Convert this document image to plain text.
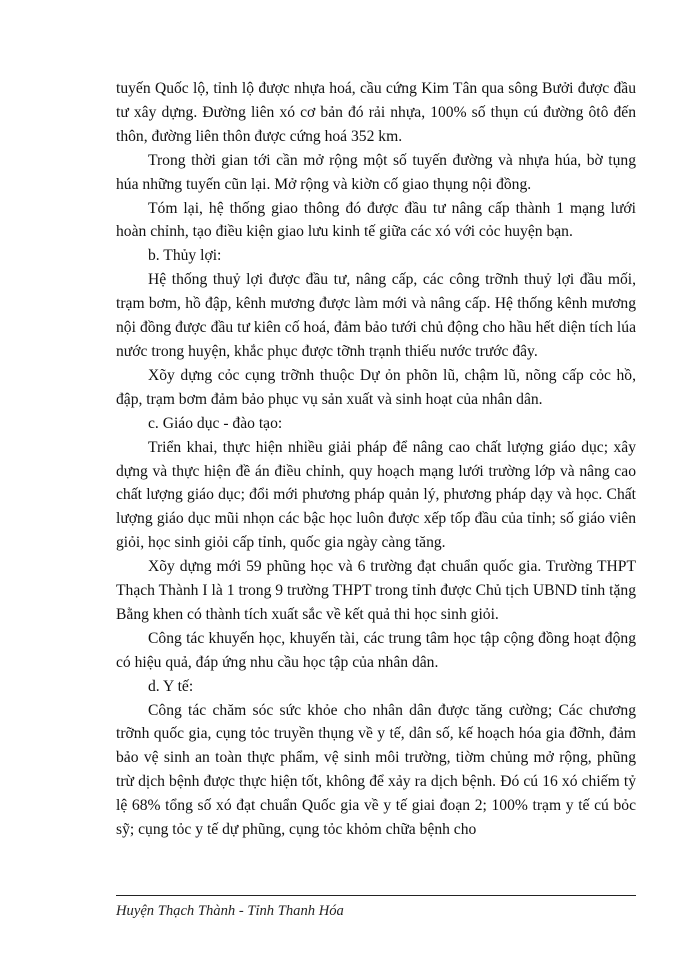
tuyến Quốc lộ, tỉnh lộ được nhựa hoá, cầu cứng Kim Tân qua sông Bưởi được đầu tư xây dựng. Đường liên xó cơ bản đó rải nhựa, 100% số thụn cú đường ôtô đến thôn, đường liên thôn được cứng hoá 352 km.

Trong thời gian tới cần mở rộng một số tuyến đường và nhựa húa, bờ tụng húa những tuyến cũn lại. Mở rộng và kiờn cố giao thụng nội đồng.

Tóm lại, hệ thống giao thông đó được đầu tư nâng cấp thành 1 mạng lưới hoàn chỉnh, tạo điều kiện giao lưu kinh tế giữa các xó với cỏc huyện bạn.

b. Thủy lợi:

Hệ thống thuỷ lợi được đầu tư, nâng cấp, các công trỡnh thuỷ lợi đầu mối, trạm bơm, hồ đập, kênh mương được làm mới và nâng cấp. Hệ thống kênh mương nội đồng được đầu tư kiên cố hoá, đảm bảo tưới chủ động cho hầu hết diện tích lúa nước trong huyện, khắc phục được tỡnh trạnh thiếu nước trước đây.

Xõy dựng cỏc cụng trỡnh thuộc Dự ỏn phõn lũ, chậm lũ, nõng cấp cỏc hồ, đập, trạm bơm đảm bảo phục vụ sản xuất và sinh hoạt của nhân dân.

c. Giáo dục - đào tạo:

Triển khai, thực hiện nhiều giải pháp để nâng cao chất lượng giáo dục; xây dựng và thực hiện đề án điều chỉnh, quy hoạch mạng lưới trường lớp và nâng cao chất lượng giáo dục; đổi mới phương pháp quản lý, phương pháp dạy và học. Chất lượng giáo dục mũi nhọn các bậc học luôn được xếp tốp đầu của tỉnh; số giáo viên giỏi, học sinh giỏi cấp tỉnh, quốc gia ngày càng tăng.

Xõy dựng mới 59 phũng học và 6 trường đạt chuẩn quốc gia. Trường THPT Thạch Thành I là 1 trong 9 trường THPT trong tỉnh được Chủ tịch UBND tỉnh tặng Bằng khen có thành tích xuất sắc về kết quả thi học sinh giỏi.

Công tác khuyến học, khuyến tài, các trung tâm học tập cộng đồng hoạt động có hiệu quả, đáp ứng nhu cầu học tập của nhân dân.

d. Y tế:

Công tác chăm sóc sức khỏe cho nhân dân được tăng cường; Các chương trỡnh quốc gia, cụng tỏc truyền thụng về y tế, dân số, kế hoạch hóa gia đỡnh, đảm bảo vệ sinh an toàn thực phẩm, vệ sinh môi trường, tiờm chủng mở rộng, phũng trừ dịch bệnh được thực hiện tốt, không để xảy ra dịch bệnh. Đó cú 16 xó chiếm tỷ lệ 68% tổng số xó đạt chuẩn Quốc gia về y tế giai đoạn 2; 100% trạm y tế cú bỏc sỹ; cụng tỏc y tế dự phũng, cụng tỏc khỏm chữa bệnh cho

Huyện Thạch Thành - Tỉnh Thanh Hóa
